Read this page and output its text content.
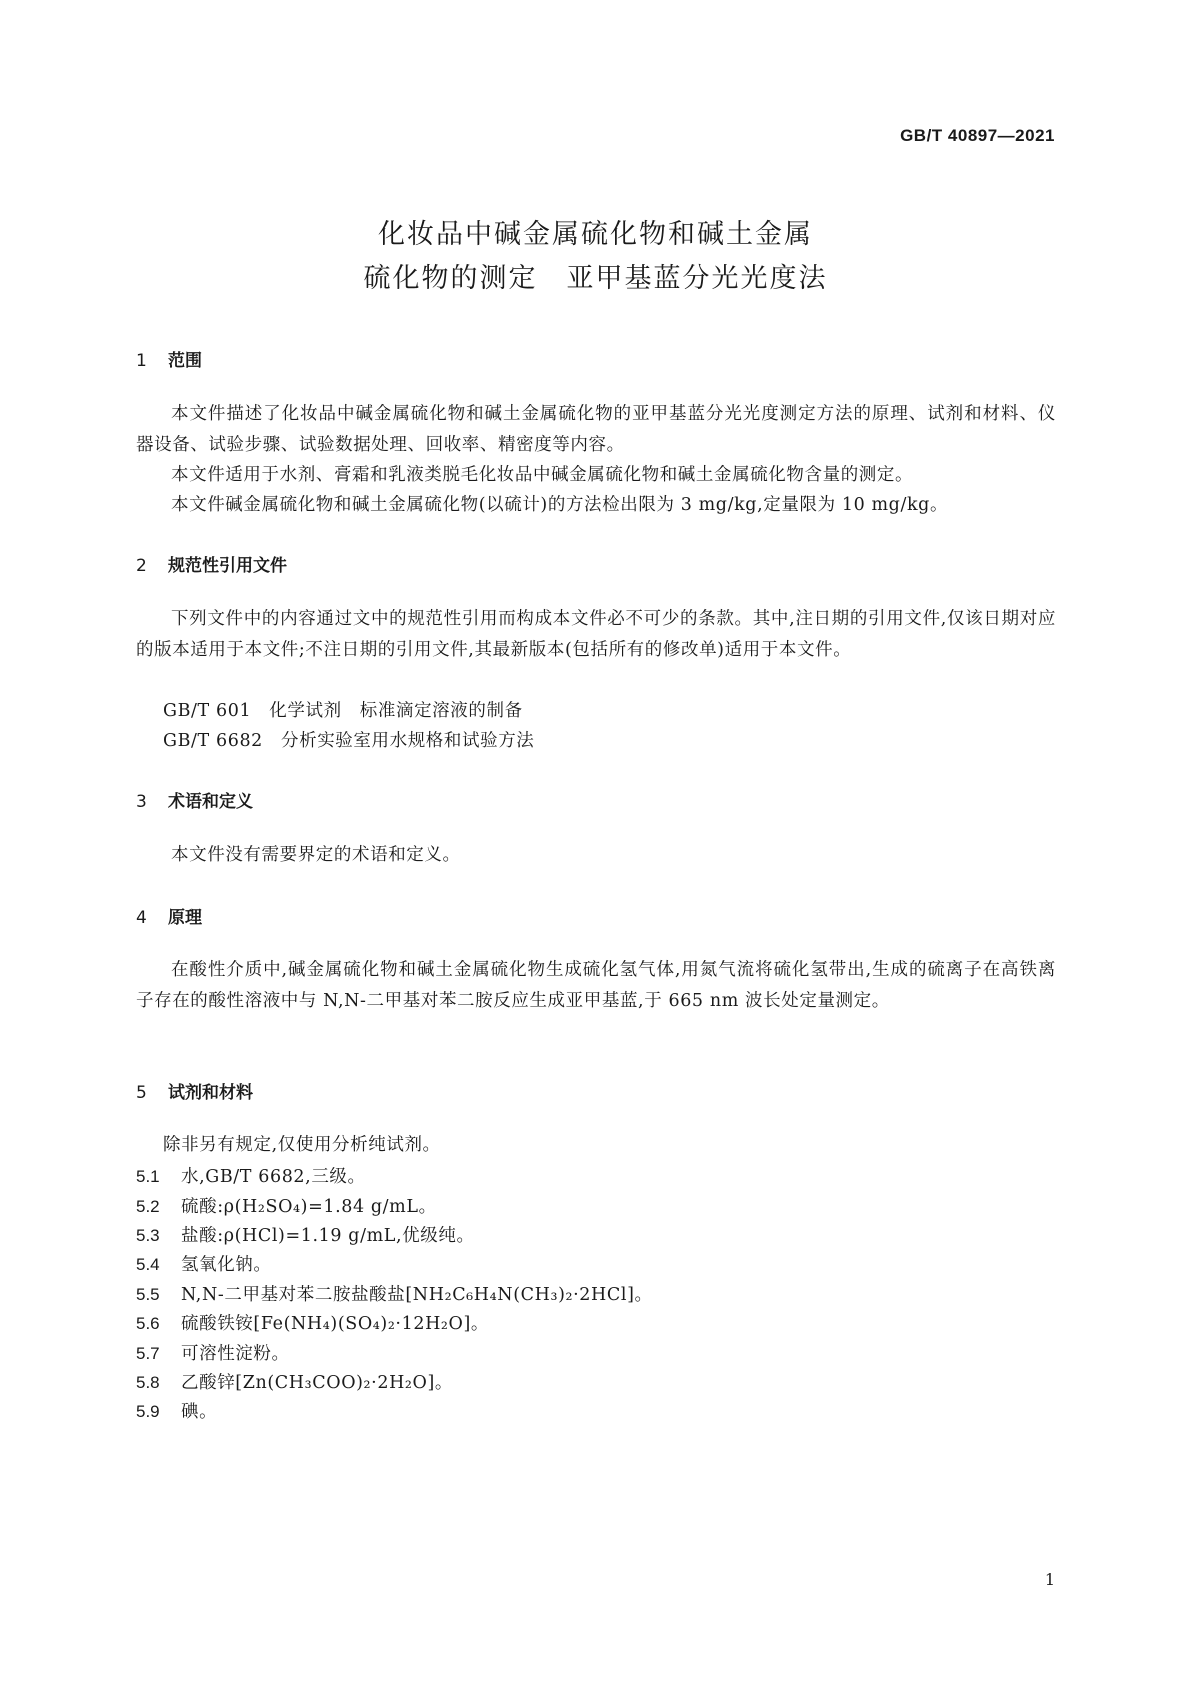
GB/T 40897—2021
化妆品中碱金属硫化物和碱土金属
硫化物的测定　亚甲基蓝分光光度法
1 范围
本文件描述了化妆品中碱金属硫化物和碱土金属硫化物的亚甲基蓝分光光度测定方法的原理、试剂和材料、仪器设备、试验步骤、试验数据处理、回收率、精密度等内容。
本文件适用于水剂、膏霜和乳液类脱毛化妆品中碱金属硫化物和碱土金属硫化物含量的测定。
本文件碱金属硫化物和碱土金属硫化物(以硫计)的方法检出限为 3 mg/kg,定量限为 10 mg/kg。
2 规范性引用文件
下列文件中的内容通过文中的规范性引用而构成本文件必不可少的条款。其中,注日期的引用文件,仅该日期对应的版本适用于本文件;不注日期的引用文件,其最新版本(包括所有的修改单)适用于本文件。
GB/T 601　化学试剂　标准滴定溶液的制备
GB/T 6682　分析实验室用水规格和试验方法
3 术语和定义
本文件没有需要界定的术语和定义。
4 原理
在酸性介质中,碱金属硫化物和碱土金属硫化物生成硫化氢气体,用氮气流将硫化氢带出,生成的硫离子在高铁离子存在的酸性溶液中与 N,N-二甲基对苯二胺反应生成亚甲基蓝,于 665 nm 波长处定量测定。
5 试剂和材料
除非另有规定,仅使用分析纯试剂。
5.1 水,GB/T 6682,三级。
5.2 硫酸:ρ(H₂SO₄)=1.84 g/mL。
5.3 盐酸:ρ(HCl)=1.19 g/mL,优级纯。
5.4 氢氧化钠。
5.5 N,N-二甲基对苯二胺盐酸盐[NH₂C₆H₄N(CH₃)₂·2HCl]。
5.6 硫酸铁铵[Fe(NH₄)(SO₄)₂·12H₂O]。
5.7 可溶性淀粉。
5.8 乙酸锌[Zn(CH₃COO)₂·2H₂O]。
5.9 碘。
1
